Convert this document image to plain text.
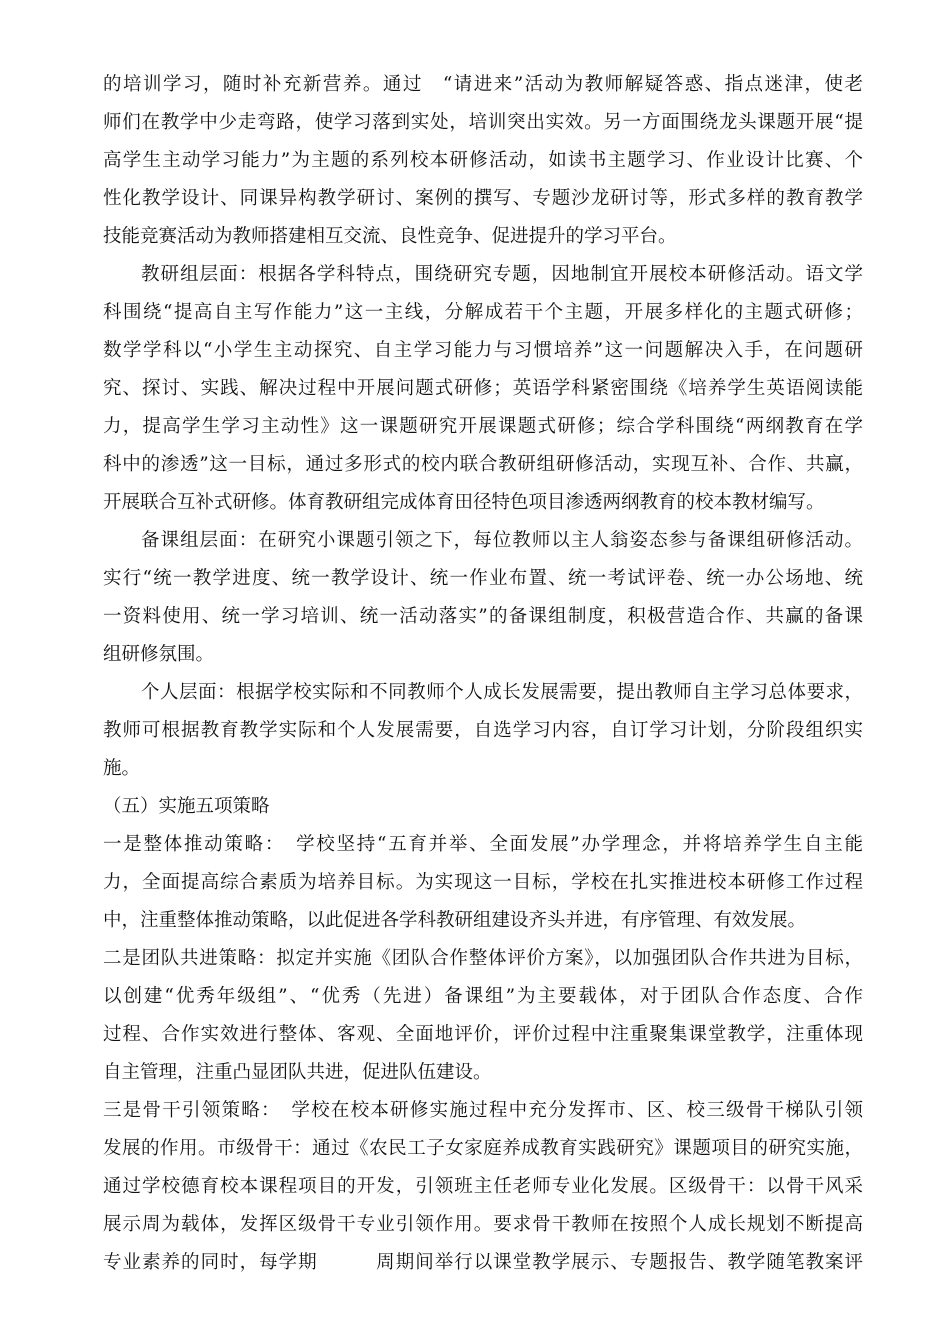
的培训学习，随时补充新营养。通过　“请进来”活动为教师解疑答惑、指点迷津，使老
师们在教学中少走弯路，使学习落到实处，培训突出实效。另一方面围绕龙头课题开展“提
高学生主动学习能力”为主题的系列校本研修活动，如读书主题学习、作业设计比赛、个
性化教学设计、同课异构教学研讨、案例的撰写、专题沙龙研讨等，形式多样的教育教学
技能竞赛活动为教师搭建相互交流、良性竞争、促进提升的学习平台。
教研组层面：根据各学科特点，围绕研究专题，因地制宜开展校本研修活动。语文学
科围绕“提高自主写作能力”这一主线，分解成若干个主题，开展多样化的主题式研修；
数学学科以“小学生主动探究、自主学习能力与习惯培养”这一问题解决入手，在问题研
究、探讨、实践、解决过程中开展问题式研修；英语学科紧密围绕《培养学生英语阅读能
力，提高学生学习主动性》这一课题研究开展课题式研修；综合学科围绕“两纲教育在学
科中的渗透”这一目标，通过多形式的校内联合教研组研修活动，实现互补、合作、共赢，
开展联合互补式研修。体育教研组完成体育田径特色项目渗透两纲教育的校本教材编写。
备课组层面：在研究小课题引领之下，每位教师以主人翁姿态参与备课组研修活动。
实行“统一教学进度、统一教学设计、统一作业布置、统一考试评卷、统一办公场地、统
一资料使用、统一学习培训、统一活动落实”的备课组制度，积极营造合作、共赢的备课
组研修氛围。
个人层面：根据学校实际和不同教师个人成长发展需要，提出教师自主学习总体要求，
教师可根据教育教学实际和个人发展需要，自选学习内容，自订学习计划，分阶段组织实
施。
（五）实施五项策略
一是整体推动策略：　学校坚持“五育并举、全面发展”办学理念，并将培养学生自主能
力，全面提高综合素质为培养目标。为实现这一目标，学校在扎实推进校本研修工作过程
中，注重整体推动策略，以此促进各学科教研组建设齐头并进，有序管理、有效发展。
二是团队共进策略：拟定并实施《团队合作整体评价方案》，以加强团队合作共进为目标，
以创建“优秀年级组”、“优秀（先进）备课组”为主要载体，对于团队合作态度、合作
过程、合作实效进行整体、客观、全面地评价，评价过程中注重聚集课堂教学，注重体现
自主管理，注重凸显团队共进，促进队伍建设。
三是骨干引领策略：　学校在校本研修实施过程中充分发挥市、区、校三级骨干梯队引领
发展的作用。市级骨干：通过《农民工子女家庭养成教育实践研究》课题项目的研究实施，
通过学校德育校本课程项目的开发，引领班主任老师专业化发展。区级骨干：以骨干风采
展示周为载体，发挥区级骨干专业引领作用。要求骨干教师在按照个人成长规划不断提高
专业素养的同时，每学期　　　周期间举行以课堂教学展示、专题报告、教学随笔教案评
